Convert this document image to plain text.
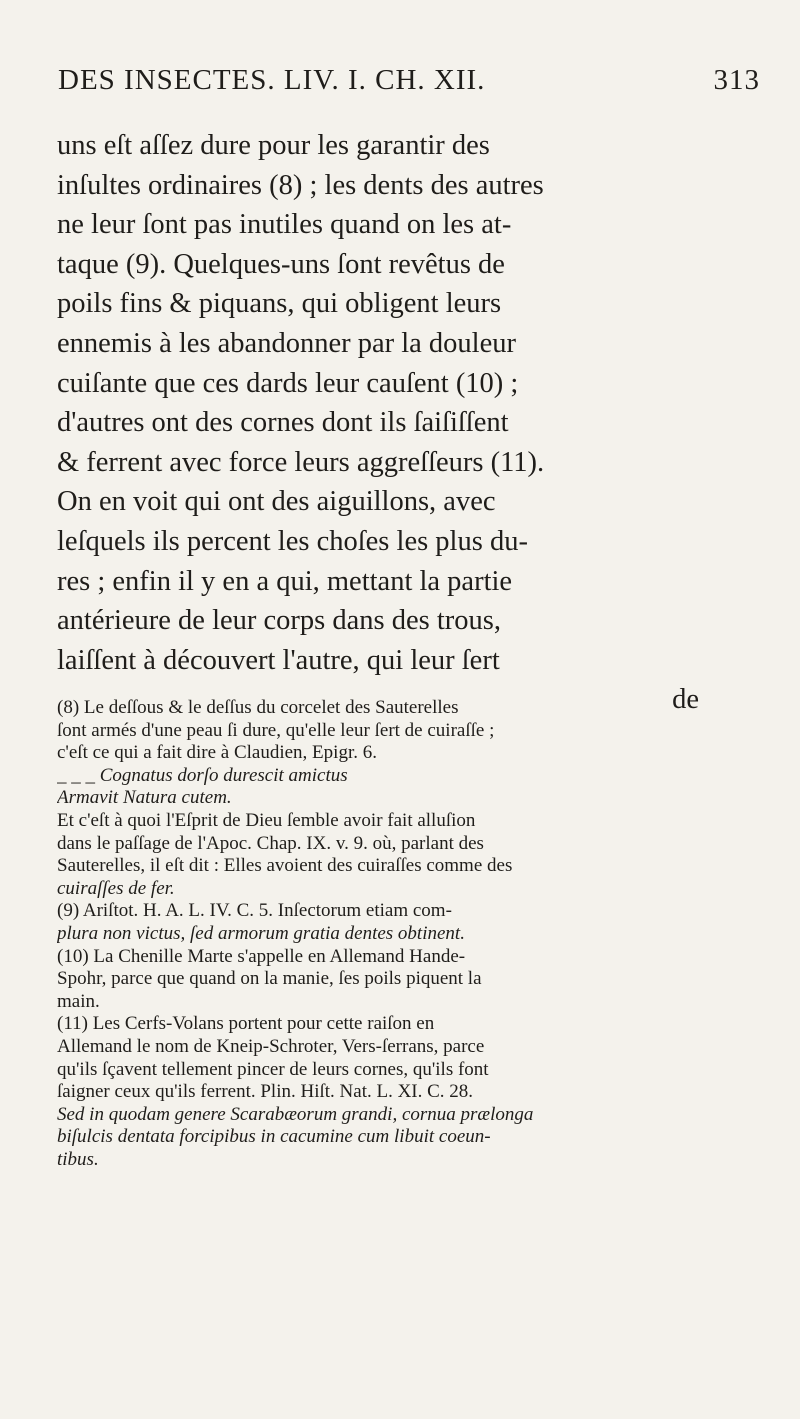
DES INSECTES. LIV. I. CH. XII.	313
uns eſt aſſez dure pour les garantir des
inſultes ordinaires (8) ; les dents des autres
ne leur ſont pas inutiles quand on les at-
taque (9). Quelques-uns ſont revêtus de
poils fins & piquans, qui obligent leurs
ennemis à les abandonner par la douleur
cuiſante que ces dards leur cauſent (10) ;
d'autres ont des cornes dont ils ſaiſiſſent
& ferrent avec force leurs aggreſſeurs (11).
On en voit qui ont des aiguillons, avec
leſquels ils percent les choſes les plus du-
res ; enfin il y en a qui, mettant la partie
antérieure de leur corps dans des trous,
laiſſent à découvert l'autre, qui leur ſert
de
(8) Le deſſous & le deſſus du corcelet des Sauterelles
ſont armés d'une peau ſi dure, qu'elle leur ſert de cuiraſſe ;
c'eſt ce qui a fait dire à Claudien, Epigr. 6.
_ _ _ Cognatus dorſo durescit amictus
Armavit Natura cutem.
Et c'eſt à quoi l'Eſprit de Dieu ſemble avoir fait alluſion
dans le paſſage de l'Apoc. Chap. IX. v. 9. où, parlant des
Sauterelles, il eſt dit : Elles avoient des cuiraſſes comme des
cuiraſſes de fer.
(9) Ariſtot. H. A. L. IV. C. 5. Inſectorum etiam com-
plura non victus, ſed armorum gratia dentes obtinent.
(10) La Chenille Marte s'appelle en Allemand Hande-
Spohr, parce que quand on la manie, ſes poils piquent la
main.
(11) Les Cerfs-Volans portent pour cette raiſon en
Allemand le nom de Kneip-Schroter, Vers-ſerrans, parce
qu'ils ſçavent tellement pincer de leurs cornes, qu'ils font
ſaigner ceux qu'ils ferrent. Plin. Hiſt. Nat. L. XI. C. 28.
Sed in quodam genere Scarabæorum grandi, cornua prælonga
biſulcis dentata forcipibus in cacumine cum libuit coeun-
tibus.
